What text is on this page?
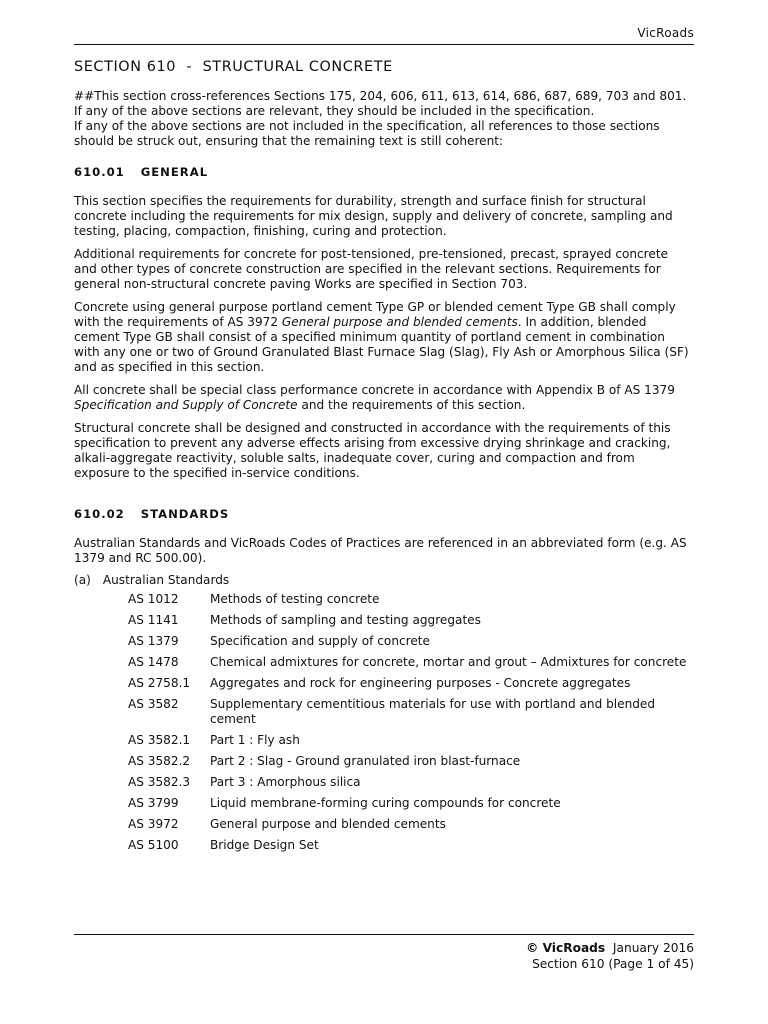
VicRoads
SECTION 610 - STRUCTURAL CONCRETE

##This section cross-references Sections 175, 204, 606, 611, 613, 614, 686, 687, 689, 703 and 801.

If any of the above sections are relevant, they should be included in the specification.

If any of the above sections are not included in the specification, all references to those sections should be struck out, ensuring that the remaining text is still coherent:

610.01 GENERAL

This section specifies the requirements for durability, strength and surface finish for structural concrete including the requirements for mix design, supply and delivery of concrete, sampling and testing, placing, compaction, finishing, curing and protection.

Additional requirements for concrete for post-tensioned, pre-tensioned, precast, sprayed concrete and other types of concrete construction are specified in the relevant sections. Requirements for general non-structural concrete paving Works are specified in Section 703.

Concrete using general purpose portland cement Type GP or blended cement Type GB shall comply with the requirements of AS 3972 General purpose and blended cements. In addition, blended cement Type GB shall consist of a specified minimum quantity of portland cement in combination with any one or two of Ground Granulated Blast Furnace Slag (Slag), Fly Ash or Amorphous Silica (SF) and as specified in this section.

All concrete shall be special class performance concrete in accordance with Appendix B of AS 1379 Specification and Supply of Concrete and the requirements of this section.

Structural concrete shall be designed and constructed in accordance with the requirements of this specification to prevent any adverse effects arising from excessive drying shrinkage and cracking, alkali-aggregate reactivity, soluble salts, inadequate cover, curing and compaction and from exposure to the specified in-service conditions.

610.02 STANDARDS

Australian Standards and VicRoads Codes of Practices are referenced in an abbreviated form (e.g. AS 1379 and RC 500.00).

(a) Australian Standards
AS 1012	Methods of testing concrete
AS 1141	Methods of sampling and testing aggregates
AS 1379	Specification and supply of concrete
AS 1478	Chemical admixtures for concrete, mortar and grout – Admixtures for concrete
AS 2758.1	Aggregates and rock for engineering purposes - Concrete aggregates
AS 3582	Supplementary cementitious materials for use with portland and blended cement
AS 3582.1	Part 1 : Fly ash
AS 3582.2	Part 2 : Slag - Ground granulated iron blast-furnace
AS 3582.3	Part 3 : Amorphous silica
AS 3799	Liquid membrane-forming curing compounds for concrete
AS 3972	General purpose and blended cements
AS 5100	Bridge Design Set
© VicRoads January 2016
Section 610 (Page 1 of 45)
